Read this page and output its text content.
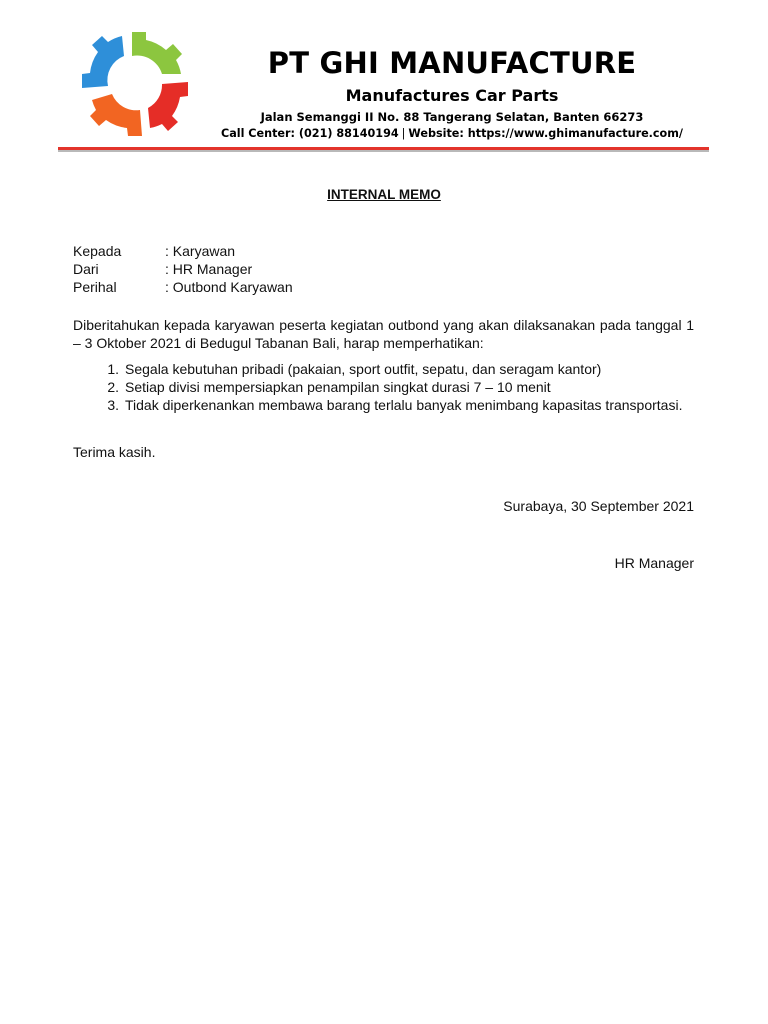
PT GHI MANUFACTURE
Manufactures Car Parts
Jalan Semanggi II No. 88 Tangerang Selatan, Banten 66273
Call Center: (021) 88140194 | Website: https://www.ghimanufacture.com/
INTERNAL MEMO
Kepada	: Karyawan
Dari	: HR Manager
Perihal	: Outbond Karyawan
Diberitahukan kepada karyawan peserta kegiatan outbond yang akan dilaksanakan pada tanggal 1 – 3 Oktober 2021 di Bedugul Tabanan Bali, harap memperhatikan:
1. Segala kebutuhan pribadi (pakaian, sport outfit, sepatu, dan seragam kantor)
2. Setiap divisi mempersiapkan penampilan singkat durasi 7 – 10 menit
3. Tidak diperkenankan membawa barang terlalu banyak menimbang kapasitas transportasi.
Terima kasih.
Surabaya, 30 September 2021
HR Manager
